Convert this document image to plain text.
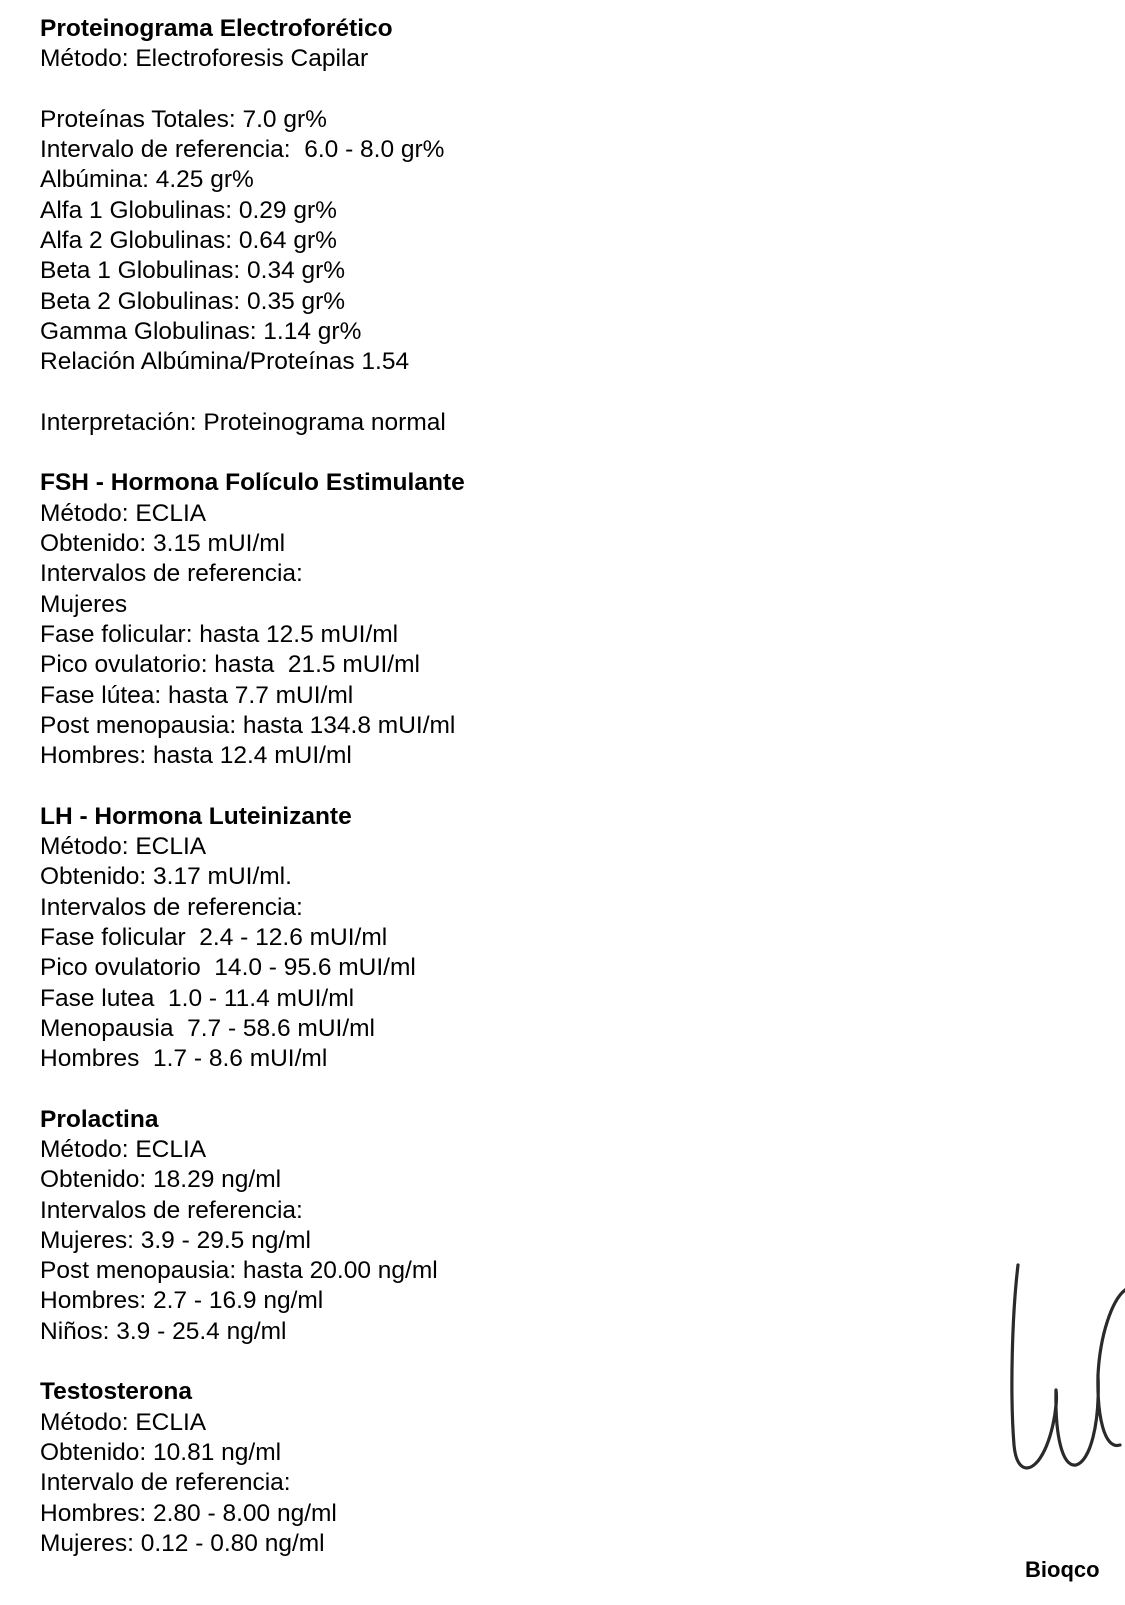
Proteinograma Electroforético
Método: Electroforesis Capilar
Proteínas Totales: 7.0 gr%
Intervalo de referencia:  6.0 - 8.0 gr%
Albúmina: 4.25 gr%
Alfa 1 Globulinas: 0.29 gr%
Alfa 2 Globulinas: 0.64 gr%
Beta 1 Globulinas: 0.34 gr%
Beta 2 Globulinas: 0.35 gr%
Gamma Globulinas: 1.14 gr%
Relación Albúmina/Proteínas 1.54
Interpretación: Proteinograma normal
FSH - Hormona Folículo Estimulante
Método: ECLIA
Obtenido: 3.15 mUI/ml
Intervalos de referencia:
Mujeres
Fase folicular: hasta 12.5 mUI/ml
Pico ovulatorio: hasta  21.5 mUI/ml
Fase lútea: hasta 7.7 mUI/ml
Post menopausia: hasta 134.8 mUI/ml
Hombres: hasta 12.4 mUI/ml
LH - Hormona Luteinizante
Método: ECLIA
Obtenido: 3.17 mUI/ml.
Intervalos de referencia:
Fase folicular  2.4 - 12.6 mUI/ml
Pico ovulatorio  14.0 - 95.6 mUI/ml
Fase lutea  1.0 - 11.4 mUI/ml
Menopausia  7.7 - 58.6 mUI/ml
Hombres  1.7 - 8.6 mUI/ml
Prolactina
Método: ECLIA
Obtenido: 18.29 ng/ml
Intervalos de referencia:
Mujeres: 3.9 - 29.5 ng/ml
Post menopausia: hasta 20.00 ng/ml
Hombres: 2.7 - 16.9 ng/ml
Niños: 3.9 - 25.4 ng/ml
Testosterona
Método: ECLIA
Obtenido: 10.81 ng/ml
Intervalo de referencia:
Hombres: 2.80 - 8.00 ng/ml
Mujeres: 0.12 - 0.80 ng/ml
Bioqco
